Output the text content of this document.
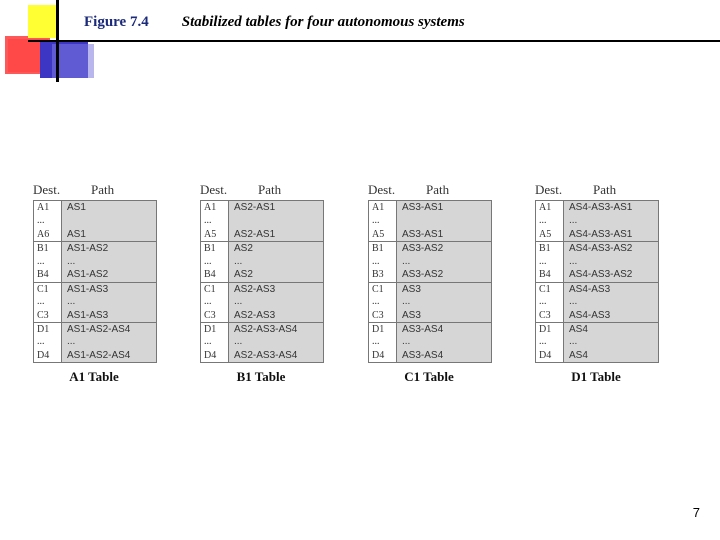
Figure 7.4 Stabilized tables for four autonomous systems
Dest. Path
A1	AS1
...
A6	AS1
B1	AS1-AS2
...	...
B4	AS1-AS2
C1	AS1-AS3
...	...
C3	AS1-AS3
D1	AS1-AS2-AS4
...	...
D4	AS1-AS2-AS4
A1 Table
Dest. Path
A1	AS2-AS1
...
A5	AS2-AS1
B1	AS2
...	...
B4	AS2
C1	AS2-AS3
...	...
C3	AS2-AS3
D1	AS2-AS3-AS4
...	...
D4	AS2-AS3-AS4
B1 Table
Dest. Path
A1	AS3-AS1
...
A5	AS3-AS1
B1	AS3-AS2
...	...
B3	AS3-AS2
C1	AS3
...	...
C3	AS3
D1	AS3-AS4
...	...
D4	AS3-AS4
C1 Table
Dest. Path
A1	AS4-AS3-AS1
...	...
A5	AS4-AS3-AS1
B1	AS4-AS3-AS2
...	...
B4	AS4-AS3-AS2
C1	AS4-AS3
...	...
C3	AS4-AS3
D1	AS4
...	...
D4	AS4
D1 Table
7
